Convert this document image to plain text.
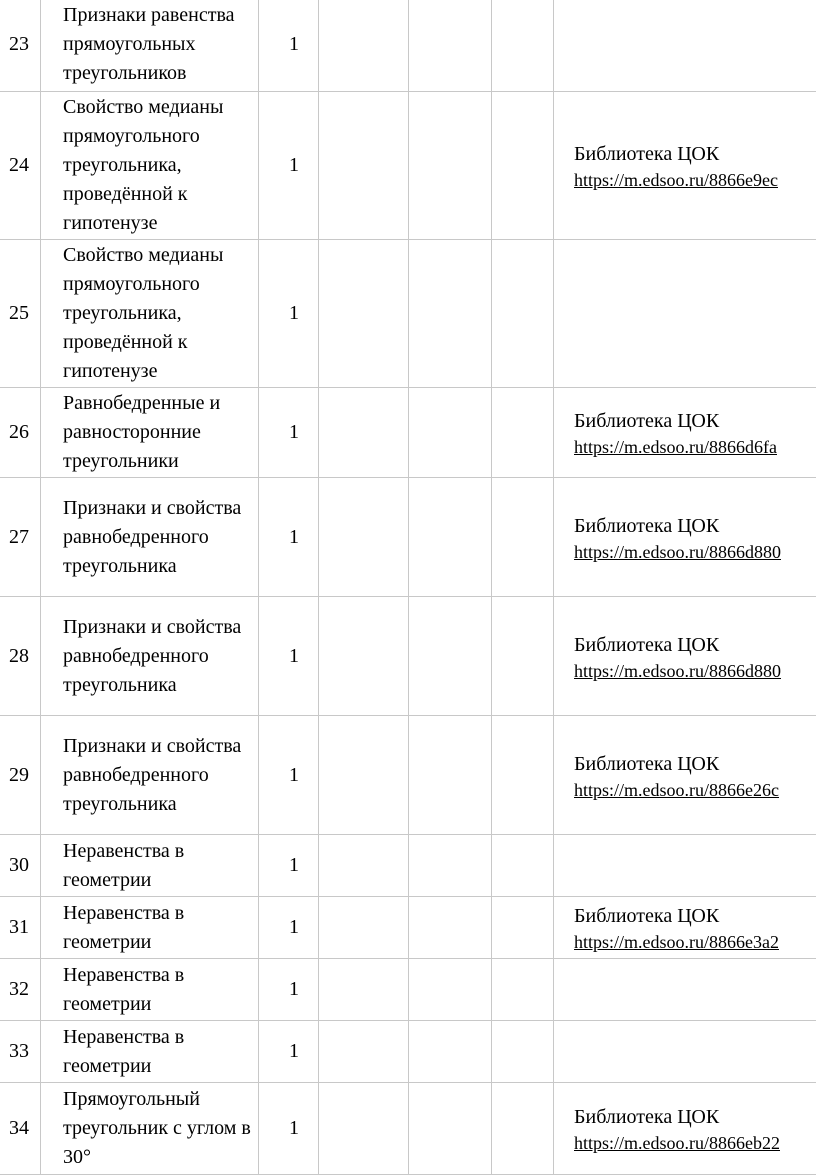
23	Признаки равенства прямоугольных треугольников	1				
24	Свойство медианы прямоугольного треугольника, проведённой к гипотенузе	1				Библиотека ЦОК
https://m.edsoo.ru/8866e9ec

25	Свойство медианы прямоугольного треугольника, проведённой к гипотенузе	1				
26	Равнобедренные и равносторонние треугольники	1				Библиотека ЦОК
https://m.edsoo.ru/8866d6fa

27	Признаки и свойства равнобедренного треугольника	1				Библиотека ЦОК
https://m.edsoo.ru/8866d880

28	Признаки и свойства равнобедренного треугольника	1				Библиотека ЦОК
https://m.edsoo.ru/8866d880

29	Признаки и свойства равнобедренного треугольника	1				Библиотека ЦОК
https://m.edsoo.ru/8866e26c

30	Неравенства в геометрии	1				
31	Неравенства в геометрии	1				Библиотека ЦОК
https://m.edsoo.ru/8866e3a2

32	Неравенства в геометрии	1				
33	Неравенства в геометрии	1				
34	Прямоугольный треугольник с углом в 30°	1				Библиотека ЦОК
https://m.edsoo.ru/8866eb22
